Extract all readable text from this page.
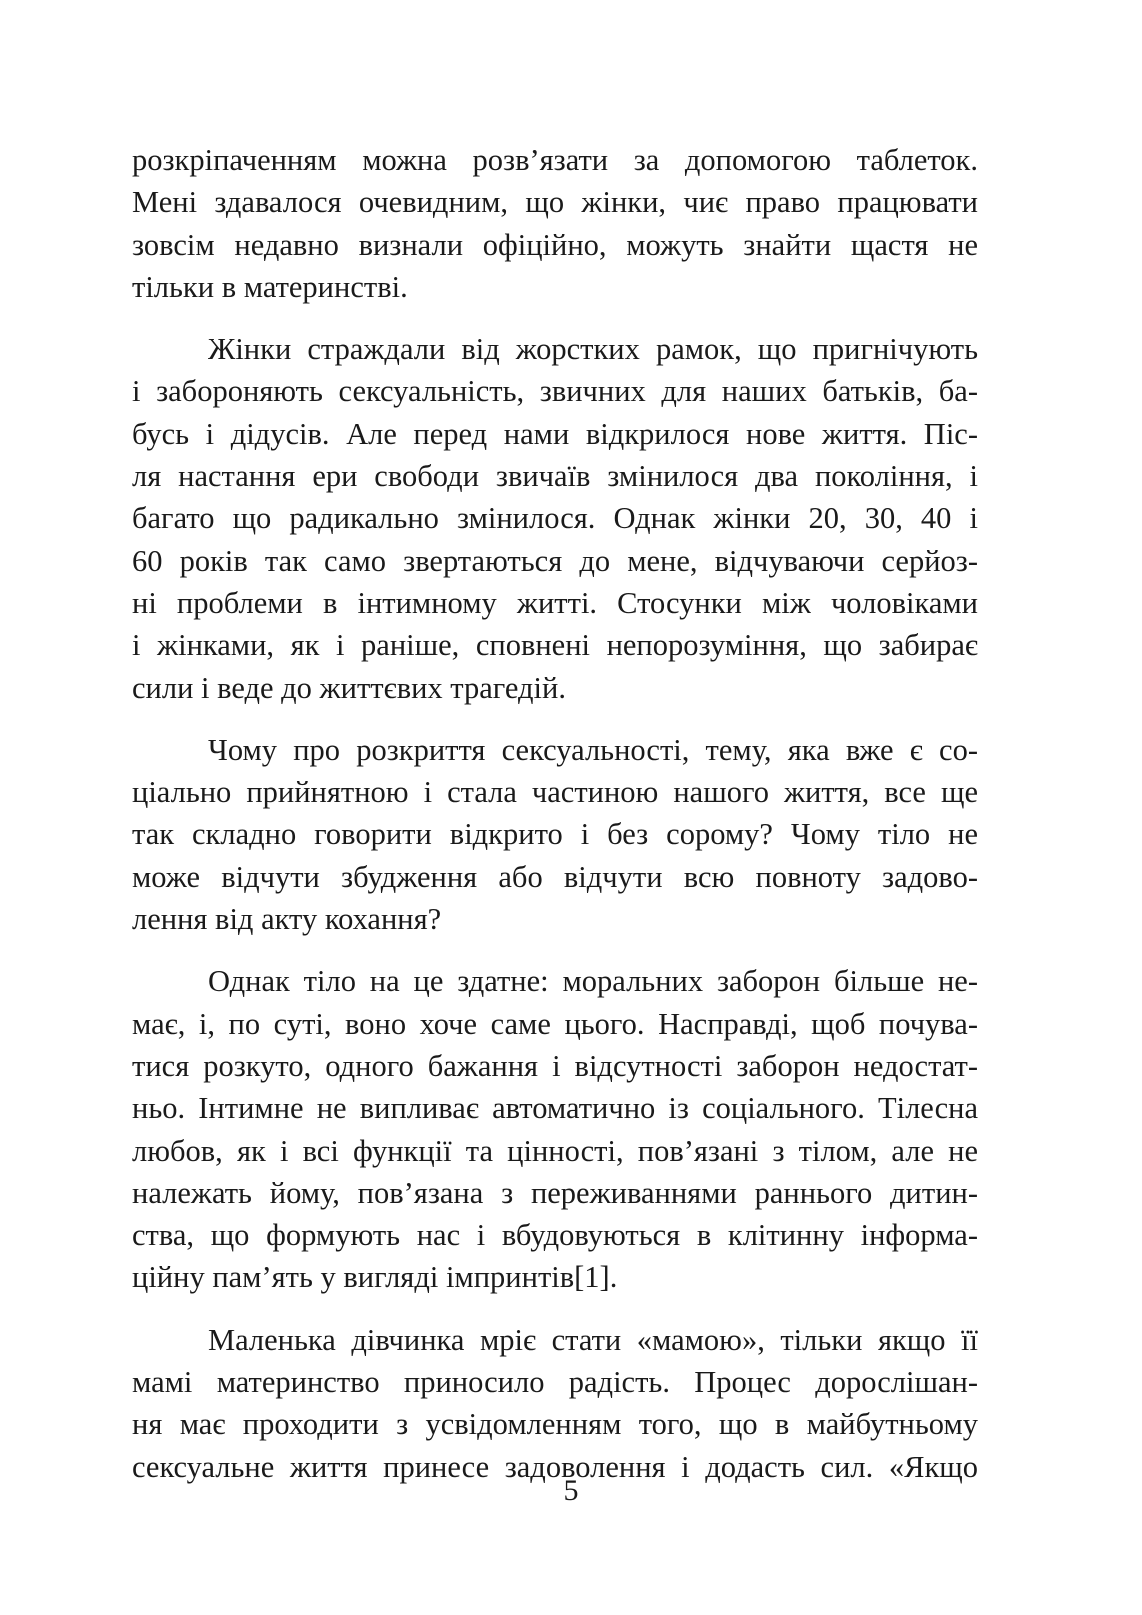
розкріпаченням можна розв’язати за допомогою таблеток.
Мені здавалося очевидним, що жінки, чиє право працювати
зовсім недавно визнали офіційно, можуть знайти щастя не
тільки в материнстві.

Жінки страждали від жорстких рамок, що пригнічують
і забороняють сексуальність, звичних для наших батьків, ба-
бусь і дідусів. Але перед нами відкрилося нове життя. Піс-
ля настання ери свободи звичаїв змінилося два покоління, і
багато що радикально змінилося. Однак жінки 20, 30, 40 і
60 років так само звертаються до мене, відчуваючи серйоз-
ні проблеми в інтимному житті. Стосунки між чоловіками
і жінками, як і раніше, сповнені непорозуміння, що забирає
сили і веде до життєвих трагедій.

Чому про розкриття сексуальності, тему, яка вже є со-
ціально прийнятною і стала частиною нашого життя, все ще
так складно говорити відкрито і без сорому? Чому тіло не
може відчути збудження або відчути всю повноту задово-
лення від акту кохання?

Однак тіло на це здатне: моральних заборон більше не-
має, і, по суті, воно хоче саме цього. Насправді, щоб почува-
тися розкуто, одного бажання і відсутності заборон недостат-
ньо. Інтимне не випливає автоматично із соціального. Тілесна
любов, як і всі функції та цінності, пов’язані з тілом, але не
належать йому, пов’язана з переживаннями раннього дитин-
ства, що формують нас і вбудовуються в клітинну інформа-
ційну пам’ять у вигляді імпринтів[1].

Маленька дівчинка мріє стати «мамою», тільки якщо її
мамі материнство приносило радість. Процес дорослішан-
ня має проходити з усвідомленням того, що в майбутньому
сексуальне життя принесе задоволення і додасть сил. «Якщо

5
